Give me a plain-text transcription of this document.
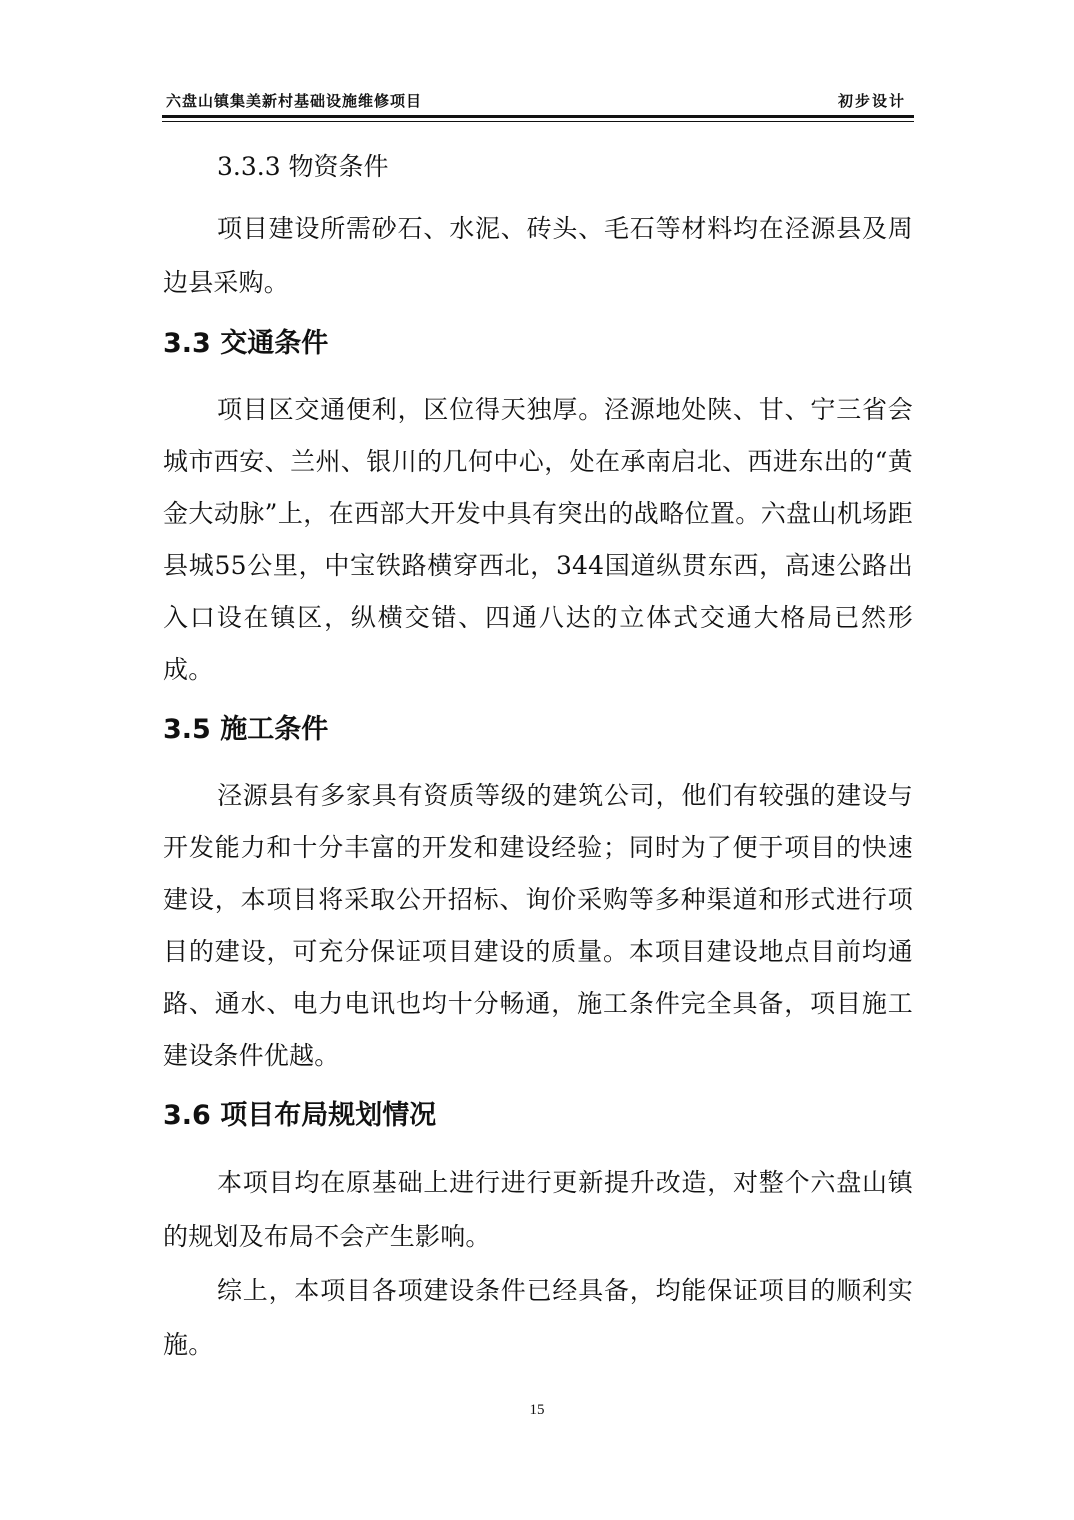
六盘山镇集美新村基础设施维修项目	初步设计

3.3.3 物资条件

项目建设所需砂石、水泥、砖头、毛石等材料均在泾源县及周边县采购。

3.3 交通条件

项目区交通便利，区位得天独厚。泾源地处陕、甘、宁三省会城市西安、兰州、银川的几何中心，处在承南启北、西进东出的“黄金大动脉”上，在西部大开发中具有突出的战略位置。六盘山机场距县城55公里，中宝铁路横穿西北，344国道纵贯东西，高速公路出入口设在镇区，纵横交错、四通八达的立体式交通大格局已然形成。

3.5 施工条件

泾源县有多家具有资质等级的建筑公司，他们有较强的建设与开发能力和十分丰富的开发和建设经验；同时为了便于项目的快速建设，本项目将采取公开招标、询价采购等多种渠道和形式进行项目的建设，可充分保证项目建设的质量。本项目建设地点目前均通路、通水、电力电讯也均十分畅通，施工条件完全具备，项目施工建设条件优越。

3.6 项目布局规划情况

本项目均在原基础上进行进行更新提升改造，对整个六盘山镇的规划及布局不会产生影响。

综上，本项目各项建设条件已经具备，均能保证项目的顺利实施。

15
